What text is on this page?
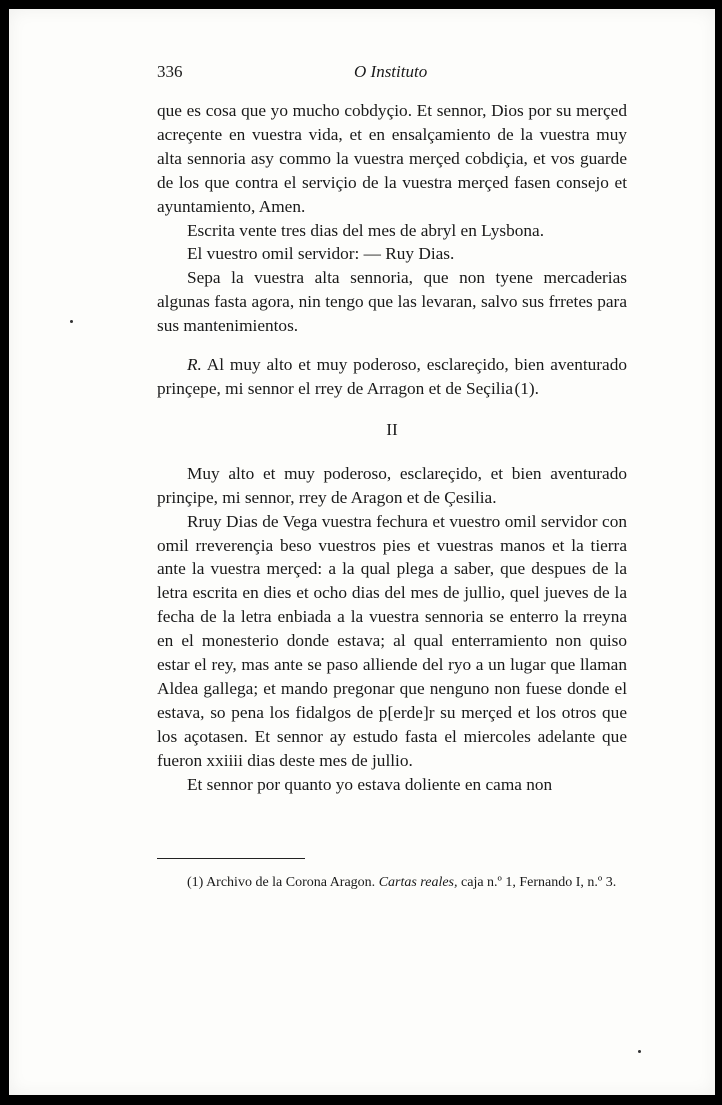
336	O Instituto

que es cosa que yo mucho cobdyçio. Et sennor, Dios por su merçed acreçente en vuestra vida, et en ensalçamiento de la vuestra muy alta sennoria asy commo la vuestra merçed cobdiçia, et vos guarde de los que contra el serviçio de la vuestra merçed fasen consejo et ayuntamiento, Amen.

Escrita vente tres dias del mes de abryl en Lysbona.

El vuestro omil servidor: — Ruy Dias.

Sepa la vuestra alta sennoria, que non tyene mercaderias algunas fasta agora, nin tengo que las levaran, salvo sus frretes para sus mantenimientos.

R. Al muy alto et muy poderoso, esclareçido, bien aventurado prinçepe, mi sennor el rrey de Arragon et de Seçilia (1).

II

Muy alto et muy poderoso, esclareçido, et bien aventurado prinçipe, mi sennor, rrey de Aragon et de Çesilia.

Rruy Dias de Vega vuestra fechura et vuestro omil servidor con omil rreverençia beso vuestros pies et vuestras manos et la tierra ante la vuestra merçed: a la qual plega a saber, que despues de la letra escrita en dies et ocho dias del mes de jullio, quel jueves de la fecha de la letra enbiada a la vuestra sennoria se enterro la rreyna en el monesterio donde estava; al qual enterramiento non quiso estar el rey, mas ante se paso alliende del ryo a un lugar que llaman Aldea gallega; et mando pregonar que nenguno non fuese donde el estava, so pena los fidalgos de p[erde]r su merçed et los otros que los açotasen. Et sennor ay estudo fasta el miercoles adelante que fueron xxiiii dias deste mes de jullio.

Et sennor por quanto yo estava doliente en cama non

(1) Archivo de la Corona Aragon. Cartas reales, caja n.º 1, Fernando I, n.º 3.
